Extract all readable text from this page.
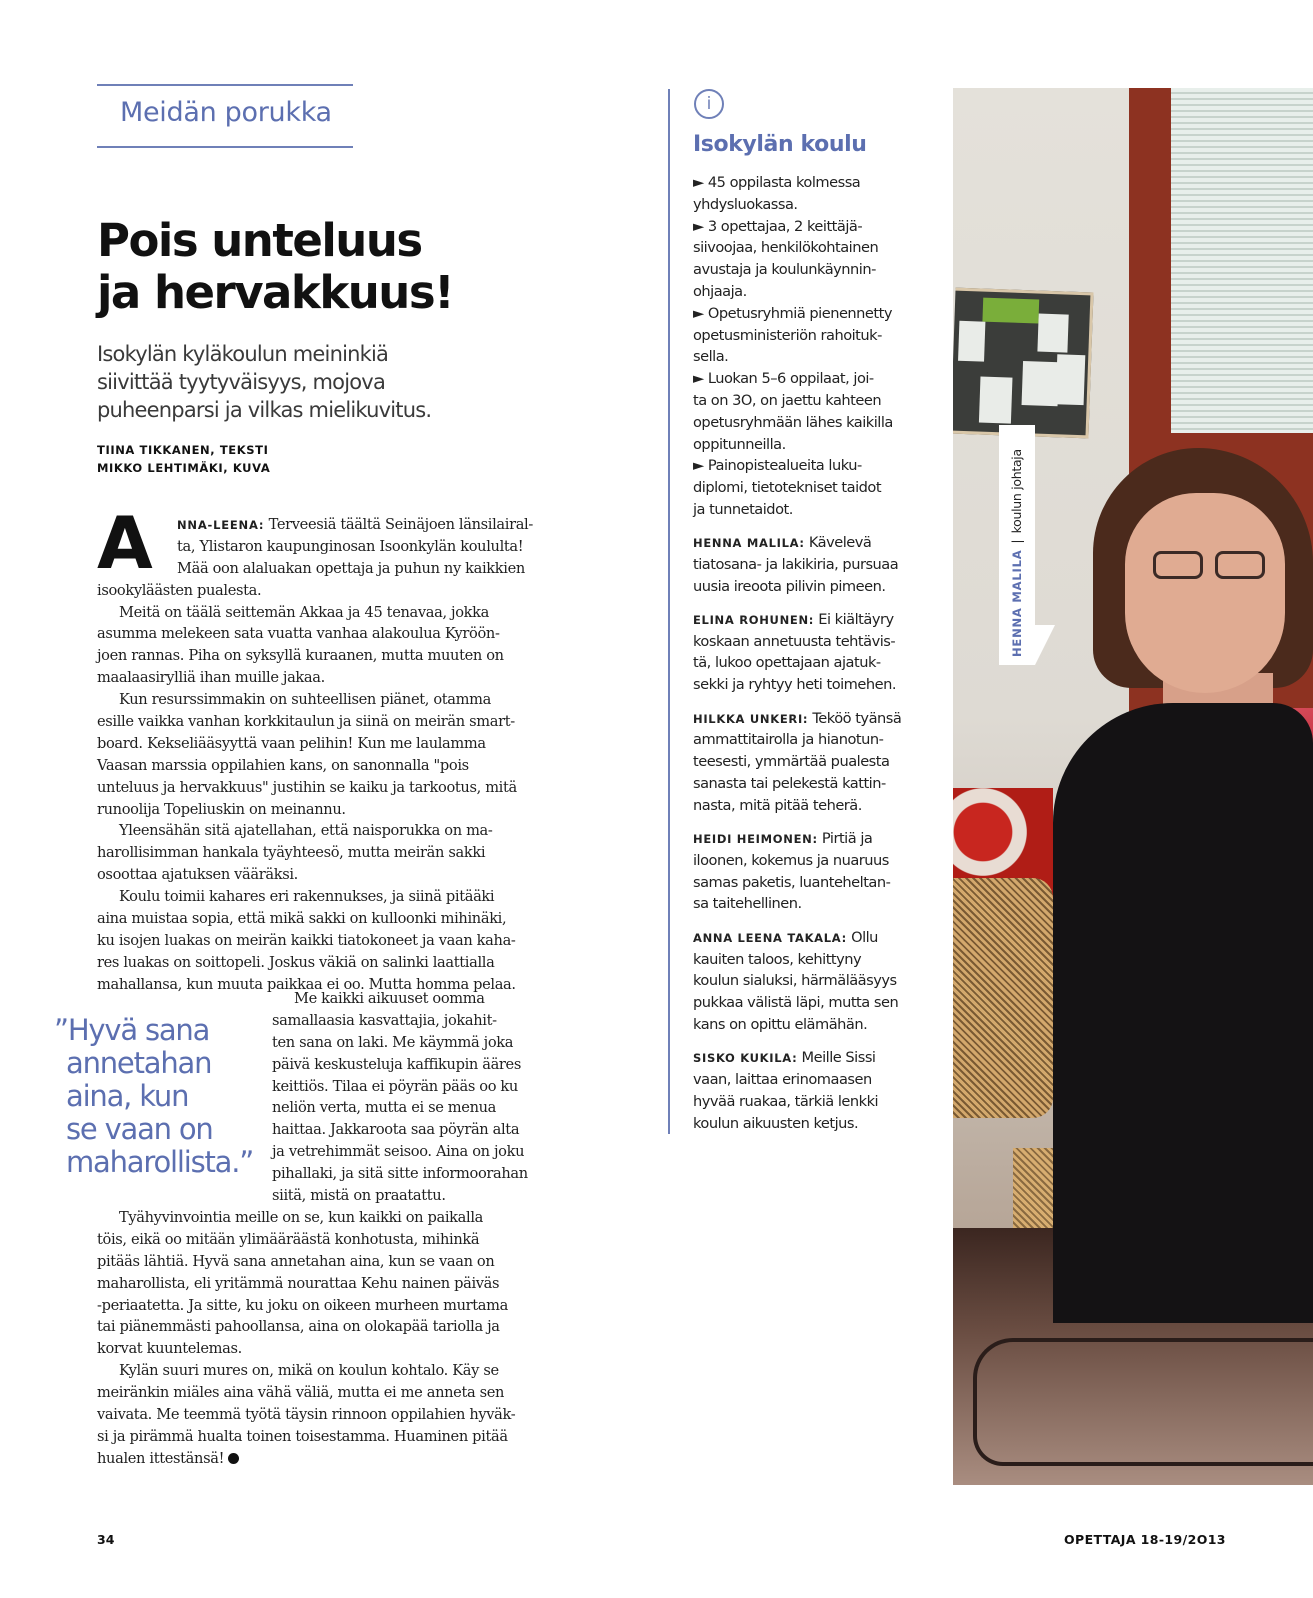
Meidän porukka
Pois unteluus
ja hervakkuus!
Isokylän kyläkoulun meininkiä
siivittää tyytyväisyys, mojova
puheenparsi ja vilkas mielikuvitus.
TIINA TIKKANEN, TEKSTI
MIKKO LEHTIMÄKI, KUVA
A	NNA-LEENA: Terveesiä täältä Seinäjoen länsilairal-
ta, Ylistaron kaupunginosan Isoonkylän koululta!
Mää oon alaluakan opettaja ja puhun ny kaikkien
isookyläästen pualesta.
Meitä on täälä seittemän Akkaa ja 45 tenavaa, jokka
asumma melekeen sata vuatta vanhaa alakoulua Kyröön-
joen rannas. Piha on syksyllä kuraanen, mutta muuten on
maalaasirylliä ihan muille jakaa.
Kun resurssimmakin on suhteellisen piänet, otamma
esille vaikka vanhan korkkitaulun ja siinä on meirän smart-
board. Kekseliääsyyttä vaan pelihin! Kun me laulamma
Vaasan marssia oppilahien kans, on sanonnalla "pois
unteluus ja hervakkuus" justihin se kaiku ja tarkootus, mitä
runoolija Topeliuskin on meinannu.
Yleensähän sitä ajatellahan, että naisporukka on ma-
harollisimman hankala tyäyhteesö, mutta meirän sakki
osoottaa ajatuksen vääräksi.
Koulu toimii kahares eri rakennukses, ja siinä pitääki
aina muistaa sopia, että mikä sakki on kulloonki mihinäki,
ku isojen luakas on meirän kaikki tiatokoneet ja vaan kaha-
res luakas on soittopeli. Joskus väkiä on salinki laattialla
mahallansa, kun muuta paikkaa ei oo. Mutta homma pelaa.
”Hyvä sana
annetahan
aina, kun
se vaan on
maharollista.”
Me kaikki aikuuset oomma
samallaasia kasvattajia, jokahit-
ten sana on laki. Me käymmä joka
päivä keskusteluja kaffikupin ääres
keittiös. Tilaa ei pöyrän pääs oo ku
neliön verta, mutta ei se menua
haittaa. Jakkaroota saa pöyrän alta
ja vetrehimmät seisoo. Aina on joku
pihallaki, ja sitä sitte informoorahan
siitä, mistä on praatattu.
Tyähyvinvointia meille on se, kun kaikki on paikalla
töis, eikä oo mitään ylimääräästä konhotusta, mihinkä
pitääs lähtiä. Hyvä sana annetahan aina, kun se vaan on
maharollista, eli yritämmä nourattaa Kehu nainen päiväs
-periaatetta. Ja sitte, ku joku on oikeen murheen murtama
tai piänemmästi pahoollansa, aina on olokapää tariolla ja
korvat kuuntelemas.
Kylän suuri mures on, mikä on koulun kohtalo. Käy se
meiränkin miäles aina vähä väliä, mutta ei me anneta sen
vaivata. Me teemmä työtä täysin rinnoon oppilahien hyväk-
si ja pirämmä hualta toinen toisestamma. Huaminen pitää
hualen ittestänsä!
i
Isokylän koulu
► 45 oppilasta kolmessa
yhdysluokassa.
► 3 opettajaa, 2 keittäjä-
siivoojaa, henkilökohtainen
avustaja ja koulunkäynnin-
ohjaaja.
► Opetusryhmiä pienennetty
opetusministeriön rahoituk-
sella.
► Luokan 5–6 oppilaat, joi-
ta on 3O, on jaettu kahteen
opetusryhmään lähes kaikilla
oppitunneilla.
► Painopistealueita luku-
diplomi, tietotekniset taidot
ja tunnetaidot.
HENNA MALILA: Kävelevä
tiatosana- ja lakikiria, pursuaa
uusia ireoota pilivin pimeen.
ELINA ROHUNEN: Ei kiältäyry
koskaan annetuusta tehtävis-
tä, lukoo opettajaan ajatuk-
sekki ja ryhtyy heti toimehen.
HILKKA UNKERI: Teköö tyänsä
ammattitairolla ja hianotun-
teesesti, ymmärtää pualesta
sanasta tai pelekestä kattin-
nasta, mitä pitää teherä.
HEIDI HEIMONEN: Pirtiä ja
iloonen, kokemus ja nuaruus
samas paketis, luanteheltan-
sa taitehellinen.
ANNA LEENA TAKALA: Ollu
kauiten taloos, kehittyny
koulun sialuksi, härmälääsyys
pukkaa välistä läpi, mutta sen
kans on opittu elämähän.
SISKO KUKILA: Meille Sissi
vaan, laittaa erinomaasen
hyvää ruakaa, tärkiä lenkki
koulun aikuusten ketjus.
HENNA MALILA|koulun johtaja
34	OPETTAJA 18-19/2O13
